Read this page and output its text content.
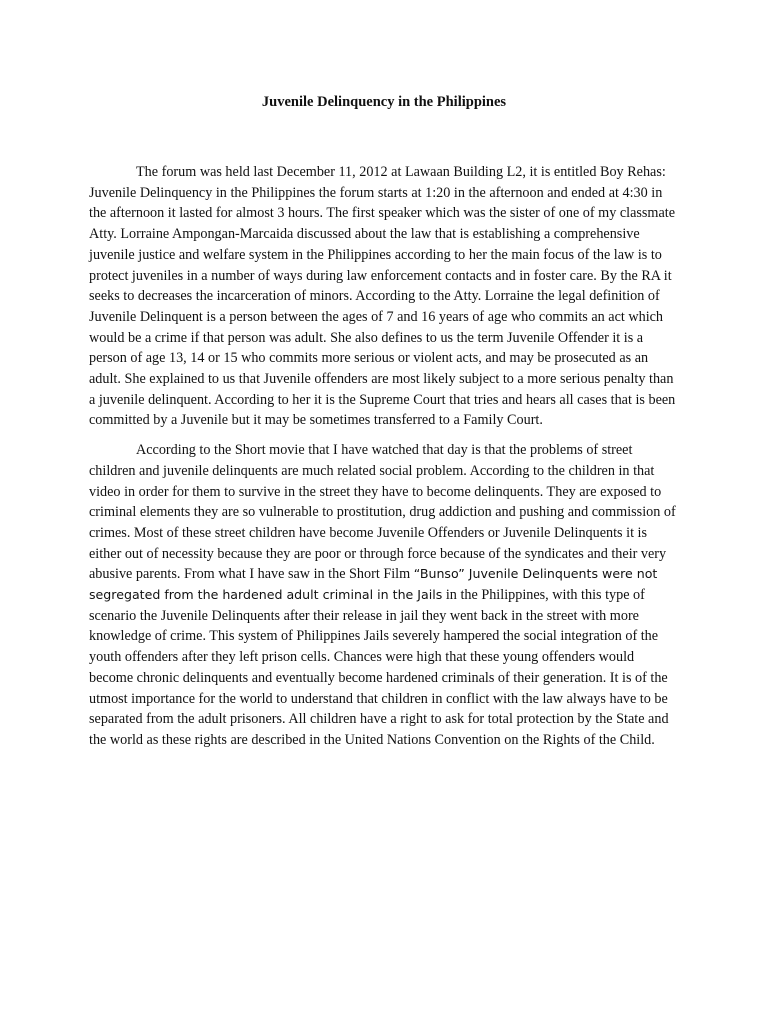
Juvenile Delinquency in the Philippines

The forum was held last December 11, 2012 at Lawaan Building L2, it is entitled Boy Rehas: Juvenile Delinquency in the Philippines the forum starts at 1:20 in the afternoon and ended at 4:30 in the afternoon it lasted for almost 3 hours. The first speaker which was the sister of one of my classmate Atty. Lorraine Ampongan-Marcaida discussed about the law that is establishing a comprehensive juvenile justice and welfare system in the Philippines according to her the main focus of the law is to protect juveniles in a number of ways during law enforcement contacts and in foster care. By the RA it seeks to decreases the incarceration of minors. According to the Atty. Lorraine the legal definition of Juvenile Delinquent is a person between the ages of 7 and 16 years of age who commits an act which would be a crime if that person was adult. She also defines to us the term Juvenile Offender it is a person of age 13, 14 or 15 who commits more serious or violent acts, and may be prosecuted as an adult. She explained to us that Juvenile offenders are most likely subject to a more serious penalty than a juvenile delinquent. According to her it is the Supreme Court that tries and hears all cases that is been committed by a Juvenile but it may be sometimes transferred to a Family Court.

According to the Short movie that I have watched that day is that the problems of street children and juvenile delinquents are much related social problem. According to the children in that video in order for them to survive in the street they have to become delinquents. They are exposed to criminal elements they are so vulnerable to prostitution, drug addiction and pushing and commission of crimes. Most of these street children have become Juvenile Offenders or Juvenile Delinquents it is either out of necessity because they are poor or through force because of the syndicates and their very abusive parents. From what I have saw in the Short Film “Bunso” Juvenile Delinquents were not segregated from the hardened adult criminal in the Jails in the Philippines, with this type of scenario the Juvenile Delinquents after their release in jail they went back in the street with more knowledge of crime. This system of Philippines Jails severely hampered the social integration of the youth offenders after they left prison cells. Chances were high that these young offenders would become chronic delinquents and eventually become hardened criminals of their generation. It is of the utmost importance for the world to understand that children in conflict with the law always have to be separated from the adult prisoners. All children have a right to ask for total protection by the State and the world as these rights are described in the United Nations Convention on the Rights of the Child.
